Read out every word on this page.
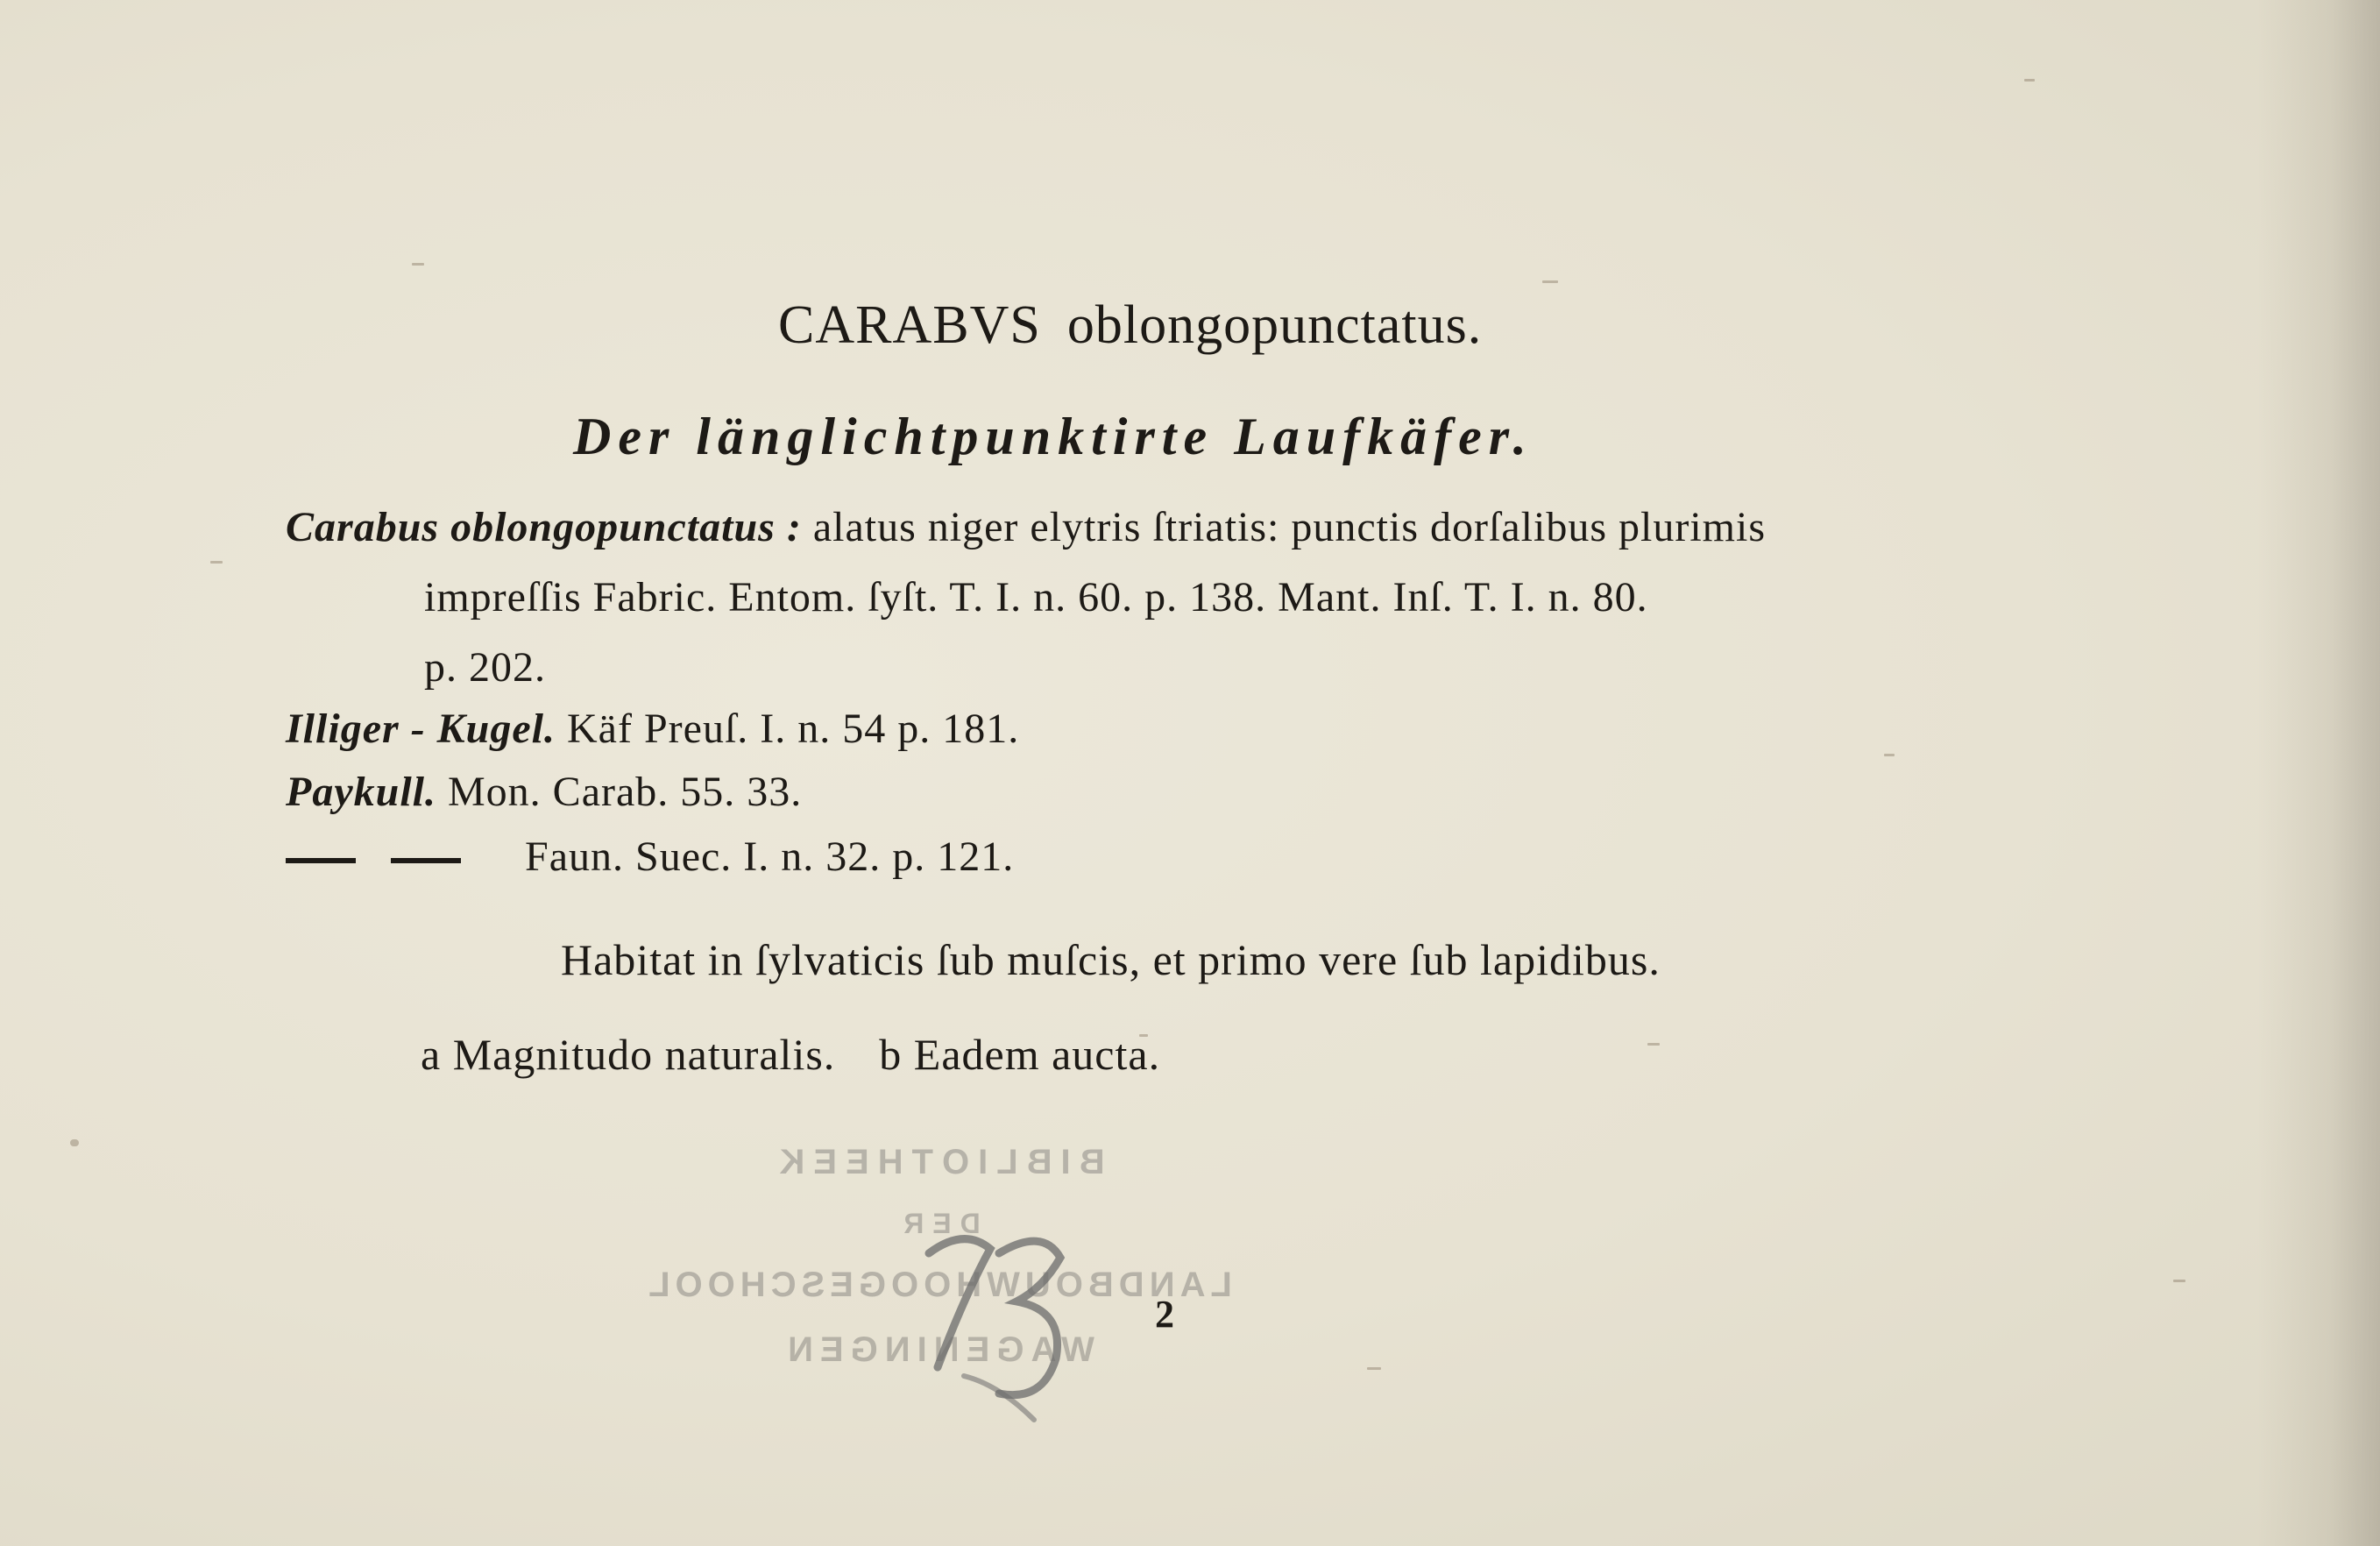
BIBLIOTHEEK
DER
LANDBOUWHOOGESCHOOL
WAGENINGEN
CARABVS oblongopunctatus.
Der länglichtpunktirte Laufkäfer.
Carabus oblongopunctatus : alatus niger elytris ſtriatis: punctis dorſalibus plurimis
impreſſis Fabric. Entom. ſyſt. T. I. n. 60. p. 138. Mant. Inſ. T. I. n. 80.
p. 202.
Illiger - Kugel. Käf Preuſ. I. n. 54 p. 181.
Paykull. Mon. Carab. 55. 33.
Faun. Suec. I. n. 32. p. 121.
Habitat in ſylvaticis ſub muſcis, et primo vere ſub lapidibus.
a Magnitudo naturalis. b Eadem aucta.
2
